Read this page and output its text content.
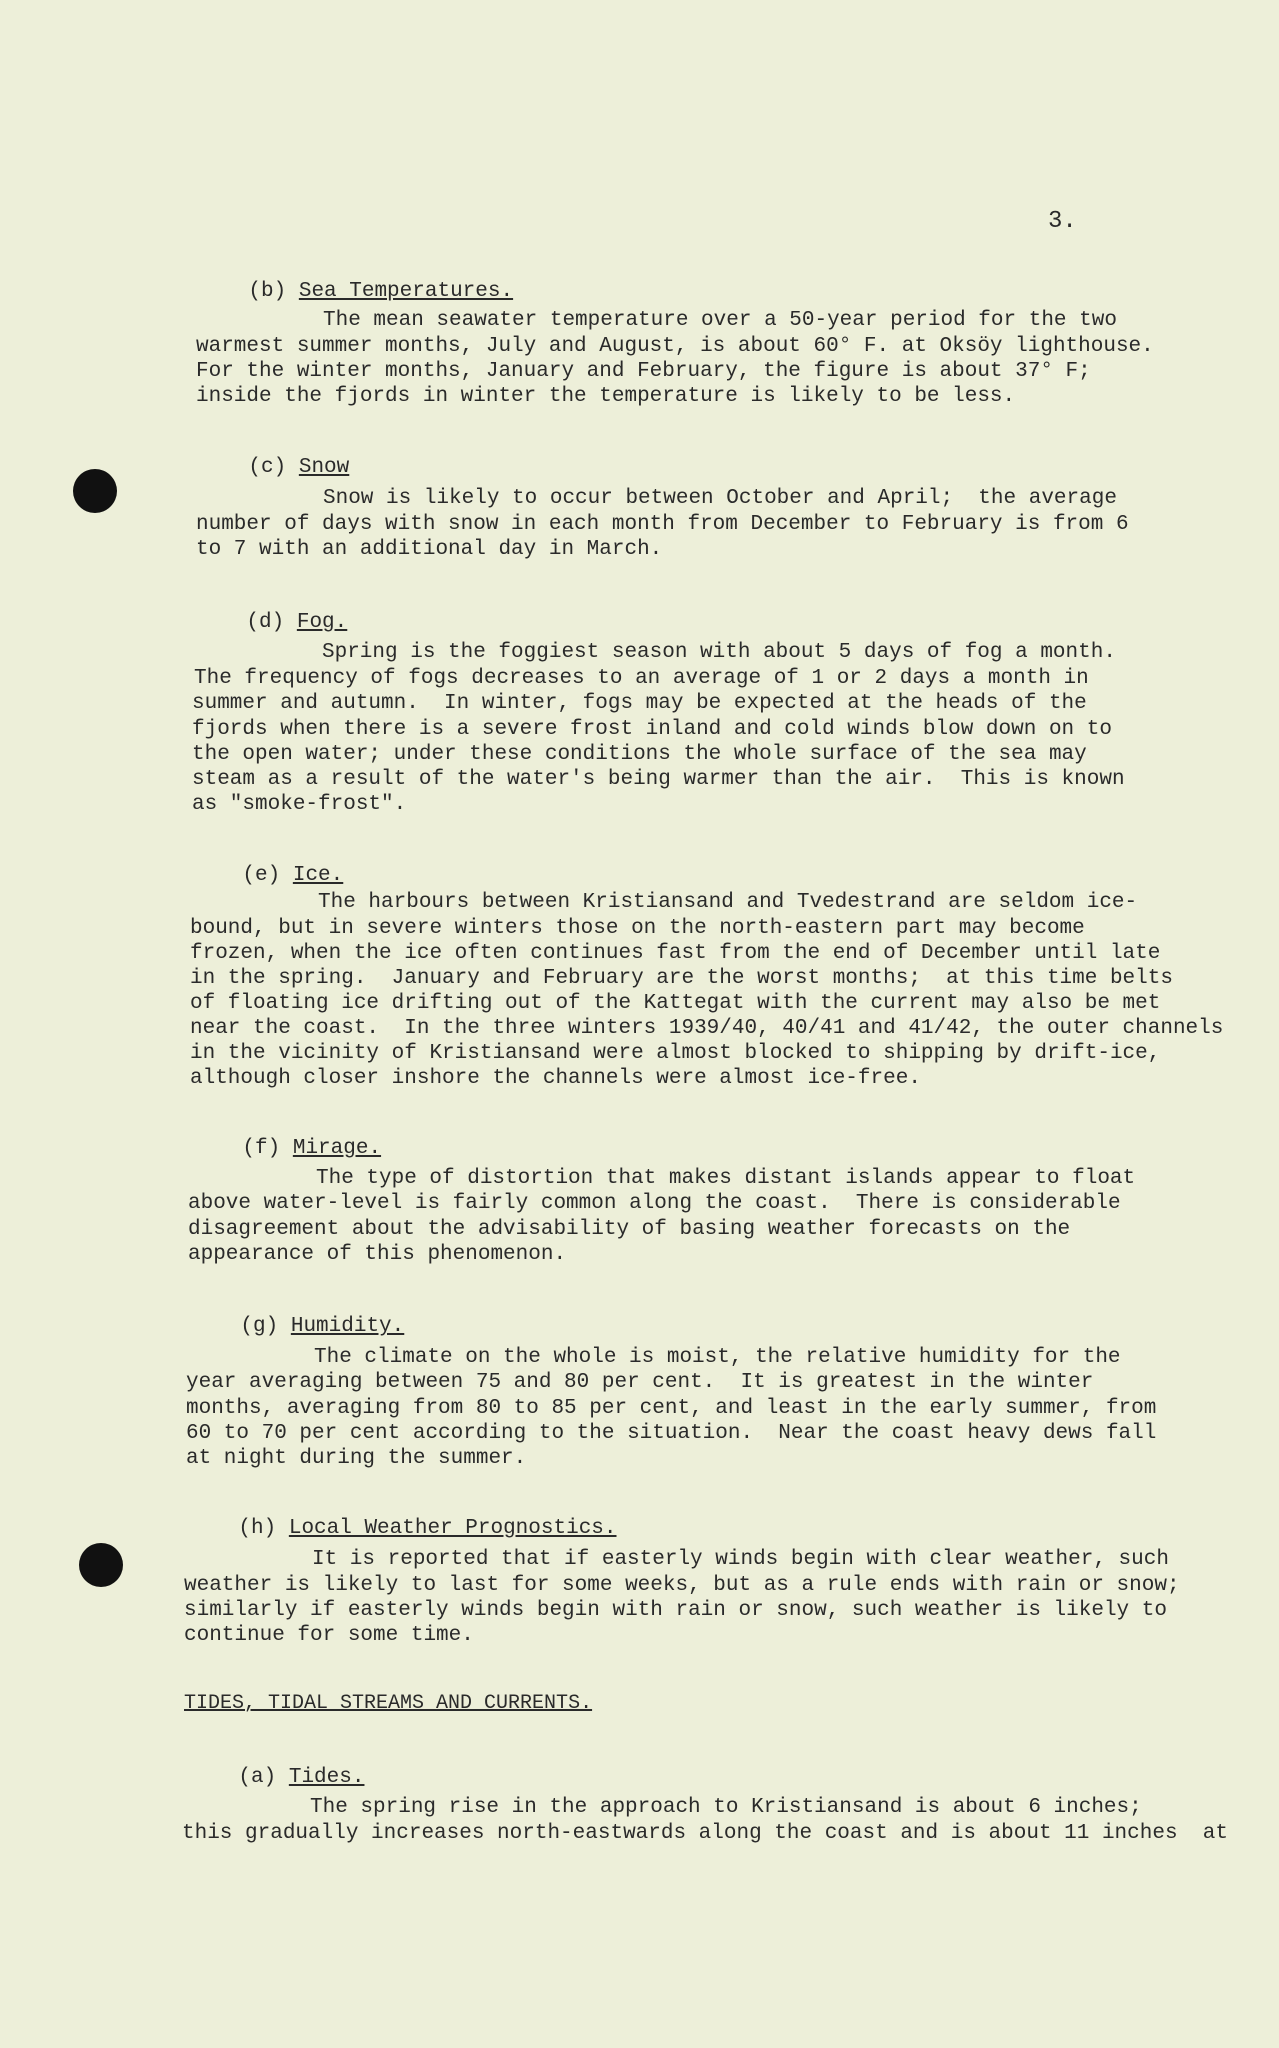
3.

(b) Sea Temperatures.

The mean seawater temperature over a 50-year period for the two
warmest summer months, July and August, is about 60° F. at Oksöy lighthouse.
For the winter months, January and February, the figure is about 37° F;
inside the fjords in winter the temperature is likely to be less.

(c) Snow

Snow is likely to occur between October and April;  the average
number of days with snow in each month from December to February is from 6
to 7 with an additional day in March.

(d) Fog.

Spring is the foggiest season with about 5 days of fog a month.
The frequency of fogs decreases to an average of 1 or 2 days a month in
summer and autumn.  In winter, fogs may be expected at the heads of the
fjords when there is a severe frost inland and cold winds blow down on to
the open water; under these conditions the whole surface of the sea may
steam as a result of the water's being warmer than the air.  This is known
as "smoke-frost".

(e) Ice.

The harbours between Kristiansand and Tvedestrand are seldom ice-
bound, but in severe winters those on the north-eastern part may become
frozen, when the ice often continues fast from the end of December until late
in the spring.  January and February are the worst months;  at this time belts
of floating ice drifting out of the Kattegat with the current may also be met
near the coast.  In the three winters 1939/40, 40/41 and 41/42, the outer channels
in the vicinity of Kristiansand were almost blocked to shipping by drift-ice,
although closer inshore the channels were almost ice-free.

(f) Mirage.

The type of distortion that makes distant islands appear to float
above water-level is fairly common along the coast.  There is considerable
disagreement about the advisability of basing weather forecasts on the
appearance of this phenomenon.

(g) Humidity.

The climate on the whole is moist, the relative humidity for the
year averaging between 75 and 80 per cent.  It is greatest in the winter
months, averaging from 80 to 85 per cent, and least in the early summer, from
60 to 70 per cent according to the situation.  Near the coast heavy dews fall
at night during the summer.

(h) Local Weather Prognostics.

It is reported that if easterly winds begin with clear weather, such
weather is likely to last for some weeks, but as a rule ends with rain or snow;
similarly if easterly winds begin with rain or snow, such weather is likely to
continue for some time.
TIDES, TIDAL STREAMS AND CURRENTS.

(a) Tides.

The spring rise in the approach to Kristiansand is about 6 inches;
this gradually increases north-eastwards along the coast and is about 11 inches  at
